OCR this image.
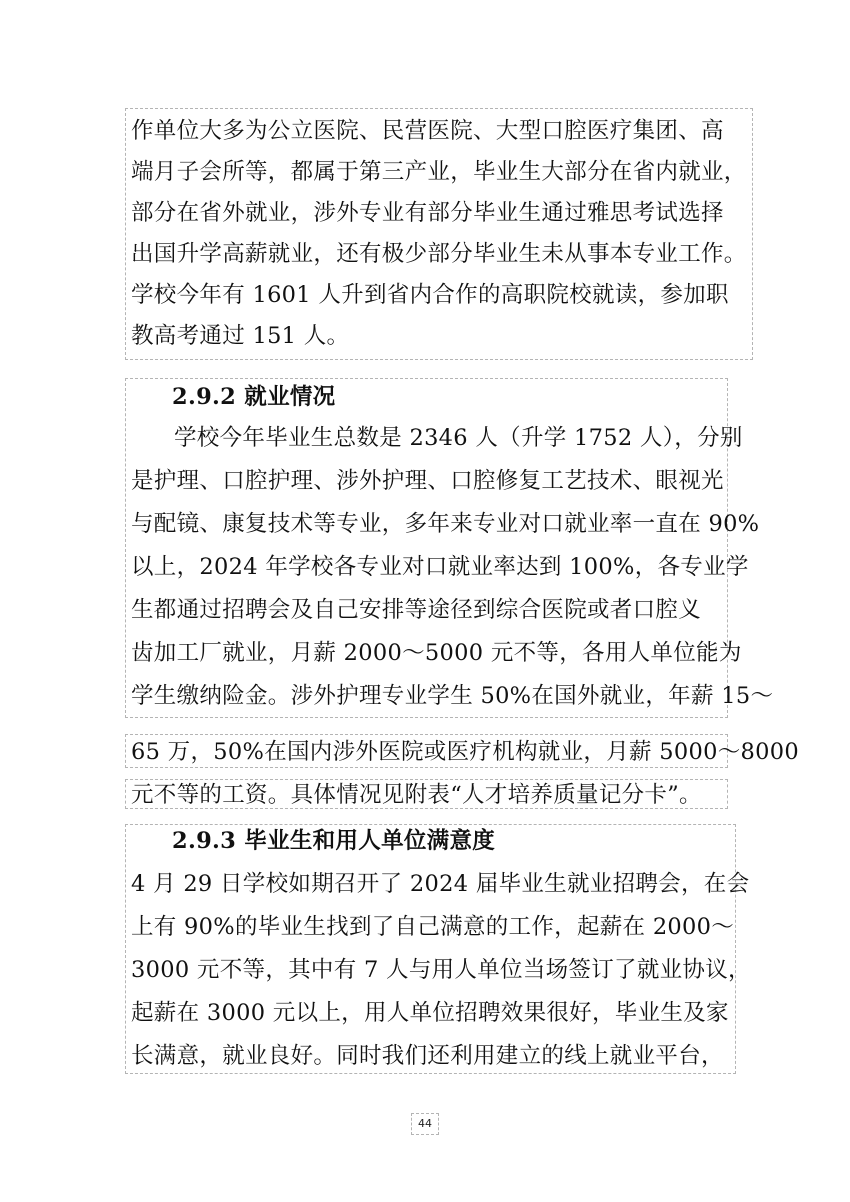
作单位大多为公立医院、民营医院、大型口腔医疗集团、高
端月子会所等，都属于第三产业，毕业生大部分在省内就业，
部分在省外就业，涉外专业有部分毕业生通过雅思考试选择
出国升学高薪就业，还有极少部分毕业生未从事本专业工作。
学校今年有 1601 人升到省内合作的高职院校就读，参加职
教高考通过 151 人。
2.9.2 就业情况
学校今年毕业生总数是 2346 人（升学 1752 人），分别
是护理、口腔护理、涉外护理、口腔修复工艺技术、眼视光
与配镜、康复技术等专业，多年来专业对口就业率一直在 90%
以上，2024 年学校各专业对口就业率达到 100%，各专业学
生都通过招聘会及自己安排等途径到综合医院或者口腔义
齿加工厂就业，月薪 2000～5000 元不等，各用人单位能为
学生缴纳险金。涉外护理专业学生 50%在国外就业，年薪 15～
65 万，50%在国内涉外医院或医疗机构就业，月薪 5000～8000
元不等的工资。具体情况见附表“人才培养质量记分卡”。
2.9.3 毕业生和用人单位满意度
4 月 29 日学校如期召开了 2024 届毕业生就业招聘会，在会
上有 90%的毕业生找到了自己满意的工作，起薪在 2000～
3000 元不等，其中有 7 人与用人单位当场签订了就业协议，
起薪在 3000 元以上，用人单位招聘效果很好，毕业生及家
长满意，就业良好。同时我们还利用建立的线上就业平台，
44
